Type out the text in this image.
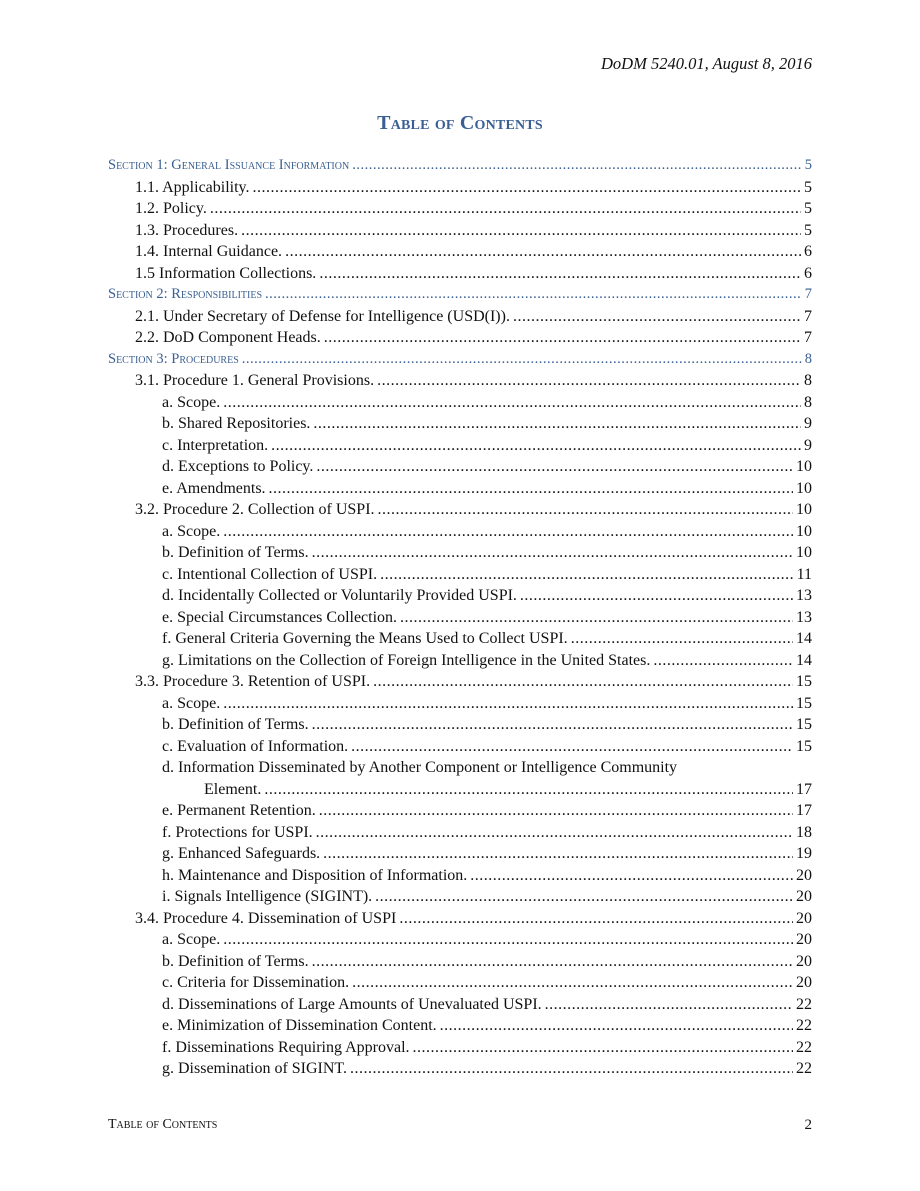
DoDM 5240.01, August 8, 2016
Table of Contents
Section 1: General Issuance Information .....	5
1.1. Applicability. .....	5
1.2. Policy. .....	5
1.3. Procedures. .....	5
1.4. Internal Guidance. .....	6
1.5 Information Collections. .....	6
Section 2: Responsibilities .....	7
2.1. Under Secretary of Defense for Intelligence (USD(I)). .....	7
2.2. DoD Component Heads. .....	7
Section 3: Procedures .....	8
3.1. Procedure 1. General Provisions. .....	8
a. Scope. .....	8
b. Shared Repositories. .....	9
c. Interpretation. .....	9
d. Exceptions to Policy. .....	10
e. Amendments. .....	10
3.2. Procedure 2. Collection of USPI. .....	10
a. Scope. .....	10
b. Definition of Terms. .....	10
c. Intentional Collection of USPI. .....	11
d. Incidentally Collected or Voluntarily Provided USPI. .....	13
e. Special Circumstances Collection. .....	13
f. General Criteria Governing the Means Used to Collect USPI. .....	14
g. Limitations on the Collection of Foreign Intelligence in the United States. .....	14
3.3. Procedure 3. Retention of USPI. .....	15
a. Scope. .....	15
b. Definition of Terms. .....	15
c. Evaluation of Information. .....	15
d. Information Disseminated by Another Component or Intelligence Community
Element. .....	17
e. Permanent Retention. .....	17
f. Protections for USPI. .....	18
g. Enhanced Safeguards. .....	19
h. Maintenance and Disposition of Information. .....	20
i. Signals Intelligence (SIGINT). .....	20
3.4. Procedure 4. Dissemination of USPI .....	20
a. Scope. .....	20
b. Definition of Terms. .....	20
c. Criteria for Dissemination. .....	20
d. Disseminations of Large Amounts of Unevaluated USPI. .....	22
e. Minimization of Dissemination Content. .....	22
f. Disseminations Requiring Approval. .....	22
g. Dissemination of SIGINT. .....	22
Table of Contents	2
